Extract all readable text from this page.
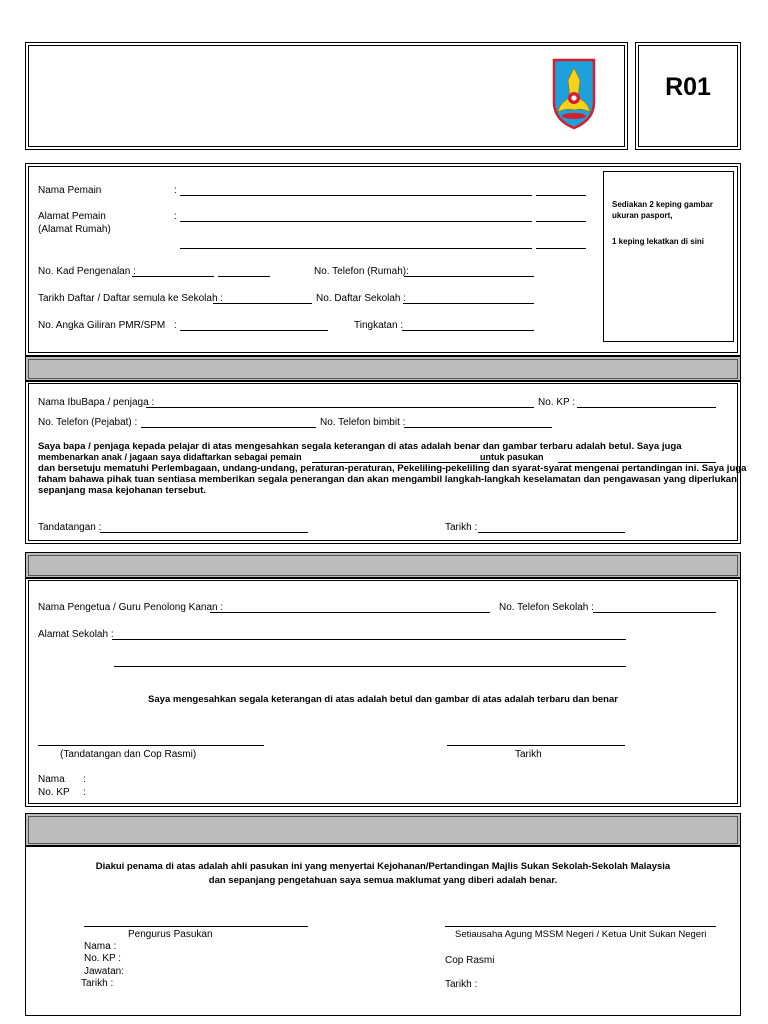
R01
Nama Pemain	:
Alamat Pemain
(Alamat Rumah)
:
No. Kad Pengenalan :	No. Telefon (Rumah):
Tarikh Daftar / Daftar semula ke Sekolah :	No. Daftar Sekolah :
No. Angka Giliran PMR/SPM :	Tingkatan :
Sediakan 2 keping gambar ukuran pasport,
1 keping lekatkan di sini
Nama IbuBapa / penjaga :	No. KP :
No. Telefon (Pejabat) :	No. Telefon bimbit :
Saya bapa / penjaga kepada pelajar di atas mengesahkan segala keterangan di atas adalah benar dan gambar terbaru adalah betul. Saya juga
membenarkan anak / jagaan saya didaftarkan sebagai pemain	untuk pasukan
dan bersetuju mematuhi Perlembagaan, undang-undang, peraturan-peraturan, Pekeliling-pekeliling dan syarat-syarat mengenai pertandingan ini. Saya juga
faham bahawa pihak tuan sentiasa memberikan segala penerangan dan akan mengambil langkah-langkah keselamatan dan pengawasan yang diperlukan
sepanjang masa kejohanan tersebut.
Tandatangan :	Tarikh :
Nama Pengetua / Guru Penolong Kanan :	No. Telefon Sekolah :
Alamat Sekolah :
Saya mengesahkan segala keterangan di atas adalah betul dan gambar di atas adalah terbaru dan benar
(Tandatangan dan Cop Rasmi)	Tarikh
Nama :
No. KP :
Diakui penama di atas adalah ahli pasukan ini yang menyertai Kejohanan/Pertandingan Majlis Sukan Sekolah-Sekolah Malaysia
dan sepanjang pengetahuan saya semua maklumat yang diberi adalah benar.
Pengurus Pasukan	Setiausaha Agung MSSM Negeri / Ketua Unit Sukan Negeri
Nama :
No. KP :
Jawatan:
Tarikh :
Cop Rasmi
Tarikh :
